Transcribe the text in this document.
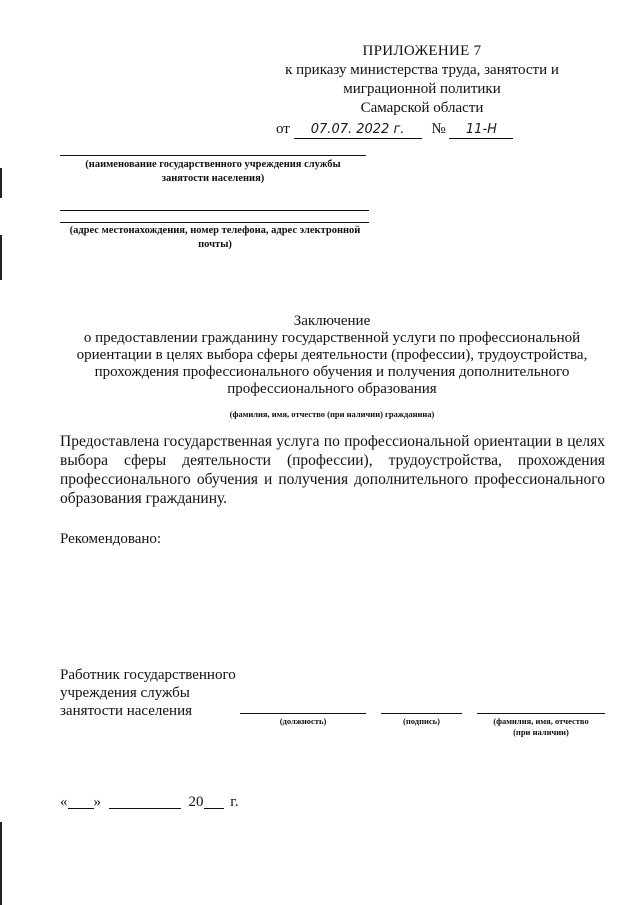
ПРИЛОЖЕНИЕ 7
к приказу министерства труда, занятости и
миграционной политики
Самарской области
от 07.07. 2022 г. № 11-Н
(наименование государственного учреждения службы
занятости населения)
(адрес местонахождения, номер телефона, адрес электронной
почты)
Заключение
о предоставлении гражданину государственной услуги по профессиональной
ориентации в целях выбора сферы деятельности (профессии), трудоустройства,
прохождения профессионального обучения и получения дополнительного
профессионального образования
(фамилия, имя, отчество (при наличии) гражданина)
Предоставлена государственная услуга по профессиональной ориентации в целях выбора сферы деятельности (профессии), трудоустройства, прохождения профессионального обучения и получения дополнительного профессионального образования гражданину.
Рекомендовано:
Работник государственного
учреждения службы
занятости населения
(должность)	(подпись)	(фамилия, имя, отчество
(при наличии)
« »	20 г.
